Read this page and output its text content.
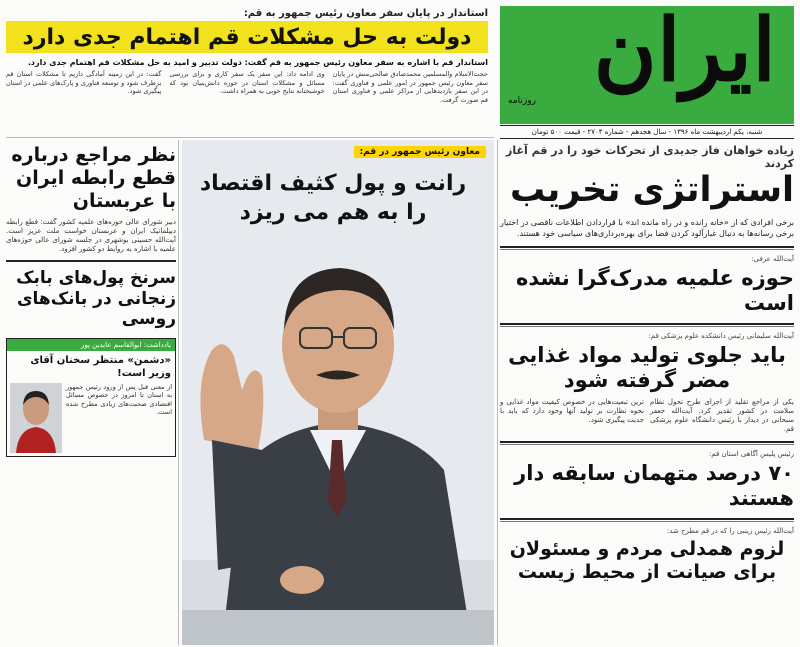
ایران
روزنامه
شنبه، یکم اردیبهشت ماه ۱۳۹۶ - سال هجدهم - شماره ۲۷۰۴ - قیمت ۵۰۰ تومان
استاندار در پایان سفر معاون رئیس جمهور به قم:
دولت به حل مشکلات قم اهتمام جدی دارد
استاندار قم با اشاره به سفر معاون رئیس جمهور به قم گفت: دولت تدبیر و امید به حل مشکلات قم اهتمام جدی دارد.

حجت‌الاسلام والمسلمین محمدصادق صالحی‌منش در پایان سفر معاون رئیس جمهور در امور علمی و فناوری گفت: در این سفر بازدیدهایی از مراکز علمی و فناوری استان قم صورت گرفت.

وی ادامه داد: این سفر یک سفر کاری و برای بررسی مسائل و مشکلات استان در حوزه دانش‌بنیان بود که خوشبختانه نتایج خوبی به همراه داشت.

گفت: در این زمینه آمادگی داریم تا مشکلات استان قم برطرف شود و توسعه فناوری و پارک‌های علمی در استان پیگیری شود.

زیاده خواهان فاز جدیدی از تحرکات خود را در قم آغاز کردند
استراتژی تخریب

برخی افرادی که از «خانه رانده و در راه مانده اند» با قراردادن اطلاعات ناقصی در اختیار برخی رسانه‌ها به دنبال غبارآلود کردن فضا برای بهره‌برداری‌های سیاسی خود هستند.

آیت‌الله عرفی:
حوزه علمیه مدرک‌گرا نشده است
آیت‌الله سلیمانی رئیس دانشکده علوم پزشکی قم:
باید جلوی تولید مواد غذایی مضر گرفته شود

یکی از مراجع تقلید از اجرای طرح تحول نظام سلامت در کشور تقدیر کرد. آیت‌الله جعفر سبحانی در دیدار با رئیس دانشگاه علوم پزشکی قم.

ترین تبعیت‌هایی در خصوص کیفیت مواد غذایی و نحوه نظارت بر تولید آنها وجود دارد که باید با جدیت پیگیری شود.

رئیس پلیس آگاهی استان قم:
۷۰ درصد متهمان سابقه دار هستند
آیت‌الله رئیس زینبی را که در قم مطرح شد:
لزوم همدلی مردم و مسئولان برای صیانت از محیط زیست
معاون رئیس جمهور در قم:
رانت و پول کثیف اقتصاد را به هم می ریزد
نظر مراجع درباره قطع رابطه ایران با عربستان

دبیر شورای عالی حوزه‌های علمیه کشور گفت: قطع رابطه دیپلماتیک ایران و عربستان خواست ملت عزیز است. آیت‌الله حسینی بوشهری در جلسه شورای عالی حوزه‌های علمیه با اشاره به روابط دو کشور افزود.

سرنخ پول‌های بابک زنجانی در بانک‌های روسی
یادداشت: ابوالقاسم عابدین پور
«دشمن» منتظر سخنان آقای وزیر است!

از معنی قبل پس از ورود رئیس جمهور به استان تا امروز در خصوص مسائل اقتصادی صحبت‌های زیادی مطرح شده است.
